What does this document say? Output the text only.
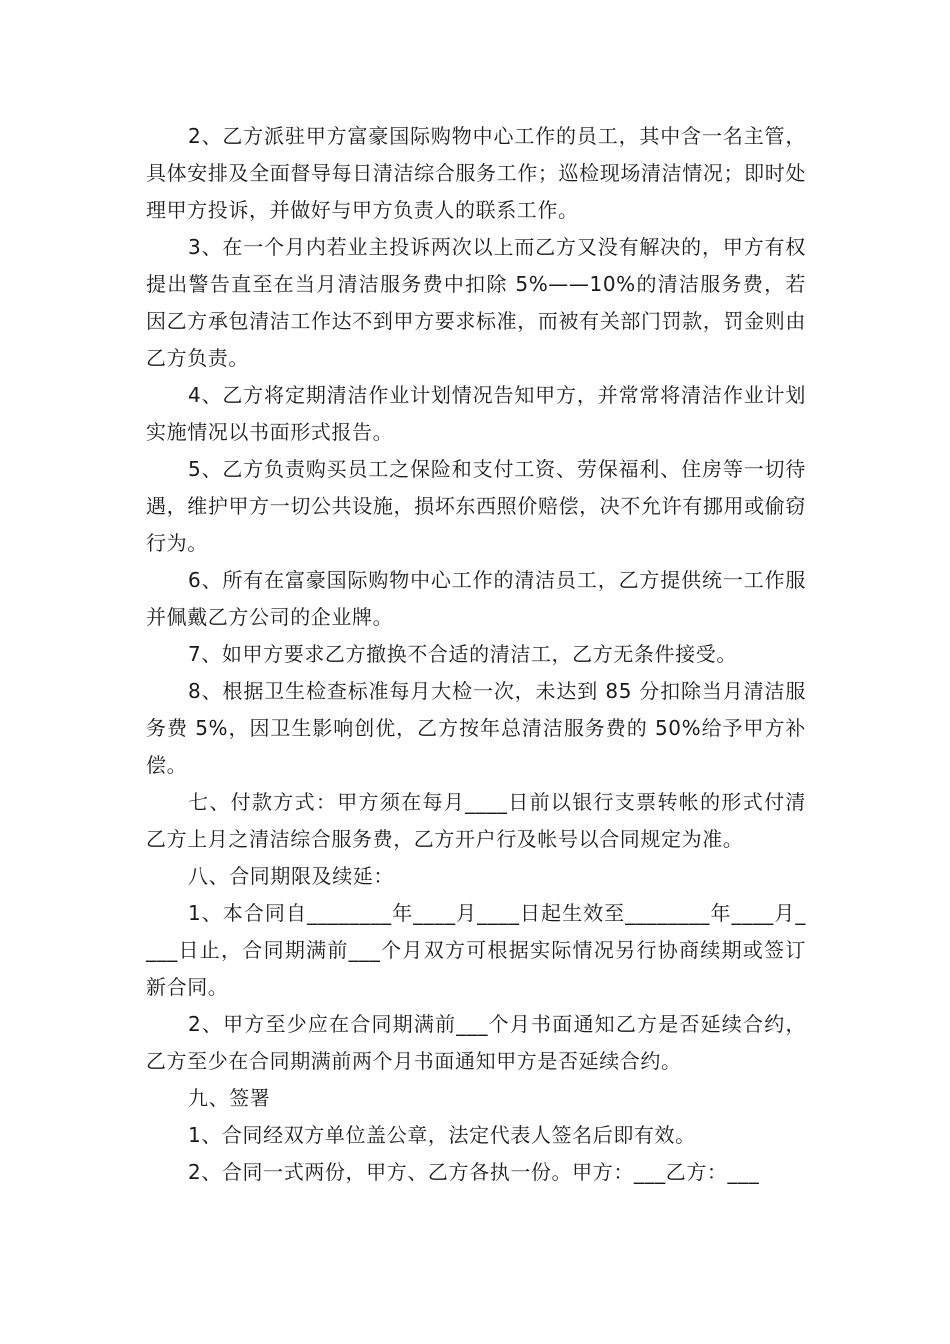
2、乙方派驻甲方富豪国际购物中心工作的员工，其中含一名主管，具体安排及全面督导每日清洁综合服务工作；巡检现场清洁情况；即时处理甲方投诉，并做好与甲方负责人的联系工作。

3、在一个月内若业主投诉两次以上而乙方又没有解决的，甲方有权提出警告直至在当月清洁服务费中扣除 5%——10%的清洁服务费，若因乙方承包清洁工作达不到甲方要求标准，而被有关部门罚款，罚金则由乙方负责。

4、乙方将定期清洁作业计划情况告知甲方，并常常将清洁作业计划实施情况以书面形式报告。

5、乙方负责购买员工之保险和支付工资、劳保福利、住房等一切待遇，维护甲方一切公共设施，损坏东西照价赔偿，决不允许有挪用或偷窃行为。

6、所有在富豪国际购物中心工作的清洁员工，乙方提供统一工作服并佩戴乙方公司的企业牌。

7、如甲方要求乙方撤换不合适的清洁工，乙方无条件接受。

8、根据卫生检查标准每月大检一次，未达到 85 分扣除当月清洁服务费 5%，因卫生影响创优，乙方按年总清洁服务费的 50%给予甲方补偿。

七、付款方式：甲方须在每月____日前以银行支票转帐的形式付清乙方上月之清洁综合服务费，乙方开户行及帐号以合同规定为准。

八、合同期限及续延：

1、本合同自________年____月____日起生效至________年____月____日止，合同期满前___个月双方可根据实际情况另行协商续期或签订新合同。

2、甲方至少应在合同期满前___个月书面通知乙方是否延续合约，乙方至少在合同期满前两个月书面通知甲方是否延续合约。

九、签署

1、合同经双方单位盖公章，法定代表人签名后即有效。

2、合同一式两份，甲方、乙方各执一份。甲方：___乙方：___
